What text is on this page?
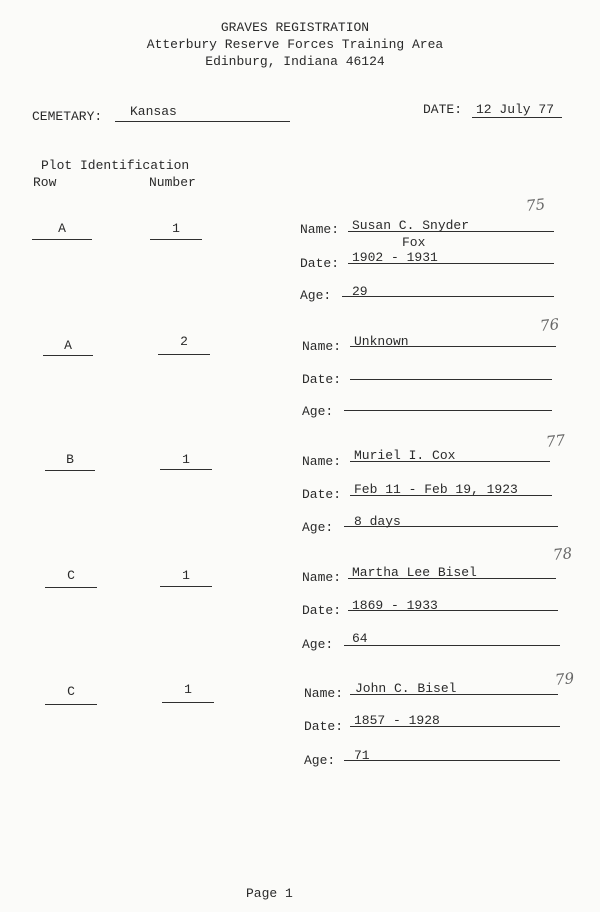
GRAVES REGISTRATION
Atterbury Reserve Forces Training Area
Edinburg, Indiana 46124
CEMETARY: Kansas	DATE: 12 July 77
Plot Identification
Row	Number
A	1	Name: Susan C. Snyder
Fox
75
Date: 1902 - 1931
Age: 29
A	2	Name: Unknown
76
Date:
Age:
B	1	Name: Muriel I. Cox
77
Date: Feb 11 - Feb 19, 1923
Age: 8 days
C	1	Name: Martha Lee Bisel
78
Date: 1869 - 1933
Age: 64
C	1	Name: John C. Bisel	79
Date: 1857 - 1928
Age: 71
Page 1
